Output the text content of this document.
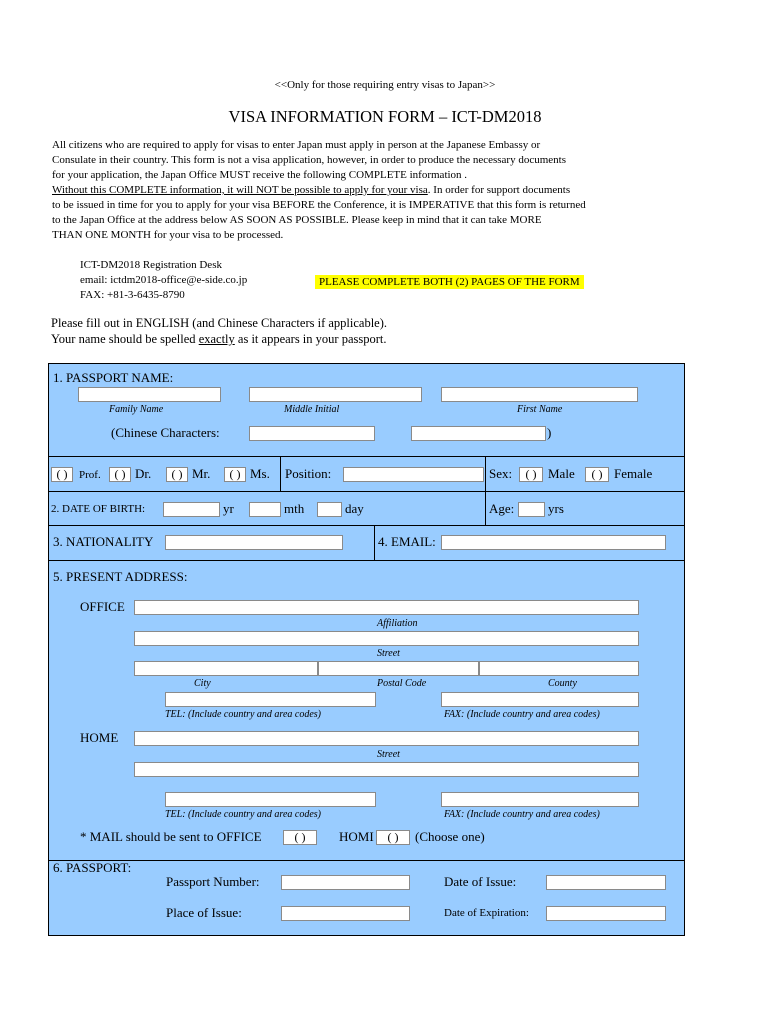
<<Only for those requiring entry visas to Japan>>
VISA INFORMATION FORM – ICT-DM2018
All citizens who are required to apply for visas to enter Japan must apply in person at the Japanese Embassy or
Consulate in their country. This form is not a visa application, however, in order to produce the necessary documents
for your application, the Japan Office MUST receive the following COMPLETE information .
Without this COMPLETE information, it will NOT be possible to apply for your visa. In order for support documents
to be issued in time for you to apply for your visa BEFORE the Conference, it is IMPERATIVE that this form is returned
to the Japan Office at the address below AS SOON AS POSSIBLE. Please keep in mind that it can take MORE
THAN ONE MONTH for your visa to be processed.
ICT-DM2018 Registration Desk
email: ictdm2018-office@e-side.co.jp
FAX: +81-3-6435-8790
PLEASE COMPLETE BOTH (2) PAGES OF THE FORM
Please fill out in ENGLISH (and Chinese Characters if applicable).
Your name should be spelled exactly as it appears in your passport.
1. PASSPORT NAME:
Family Name	Middle Initial	First Name
(Chinese Characters:	)
( )	Prof.	( ) Dr.	( ) Mr.	( ) Ms. Position:	Sex:	( ) Male	( ) Female
2. DATE OF BIRTH:	yr	mth	day	Age:	yrs
3. NATIONALITY	4. EMAIL:
5. PRESENT ADDRESS:
OFFICE
Affiliation
Street
City	Postal Code	County
TEL: (Include country and area codes)	FAX: (Include country and area codes)
HOME
Street
TEL: (Include country and area codes)	FAX: (Include country and area codes)
* MAIL should be sent to OFFICE	( )	HOMI	( )	(Choose one)
6. PASSPORT:
Passport Number:	Date of Issue:
Place of Issue:	Date of Expiration:
